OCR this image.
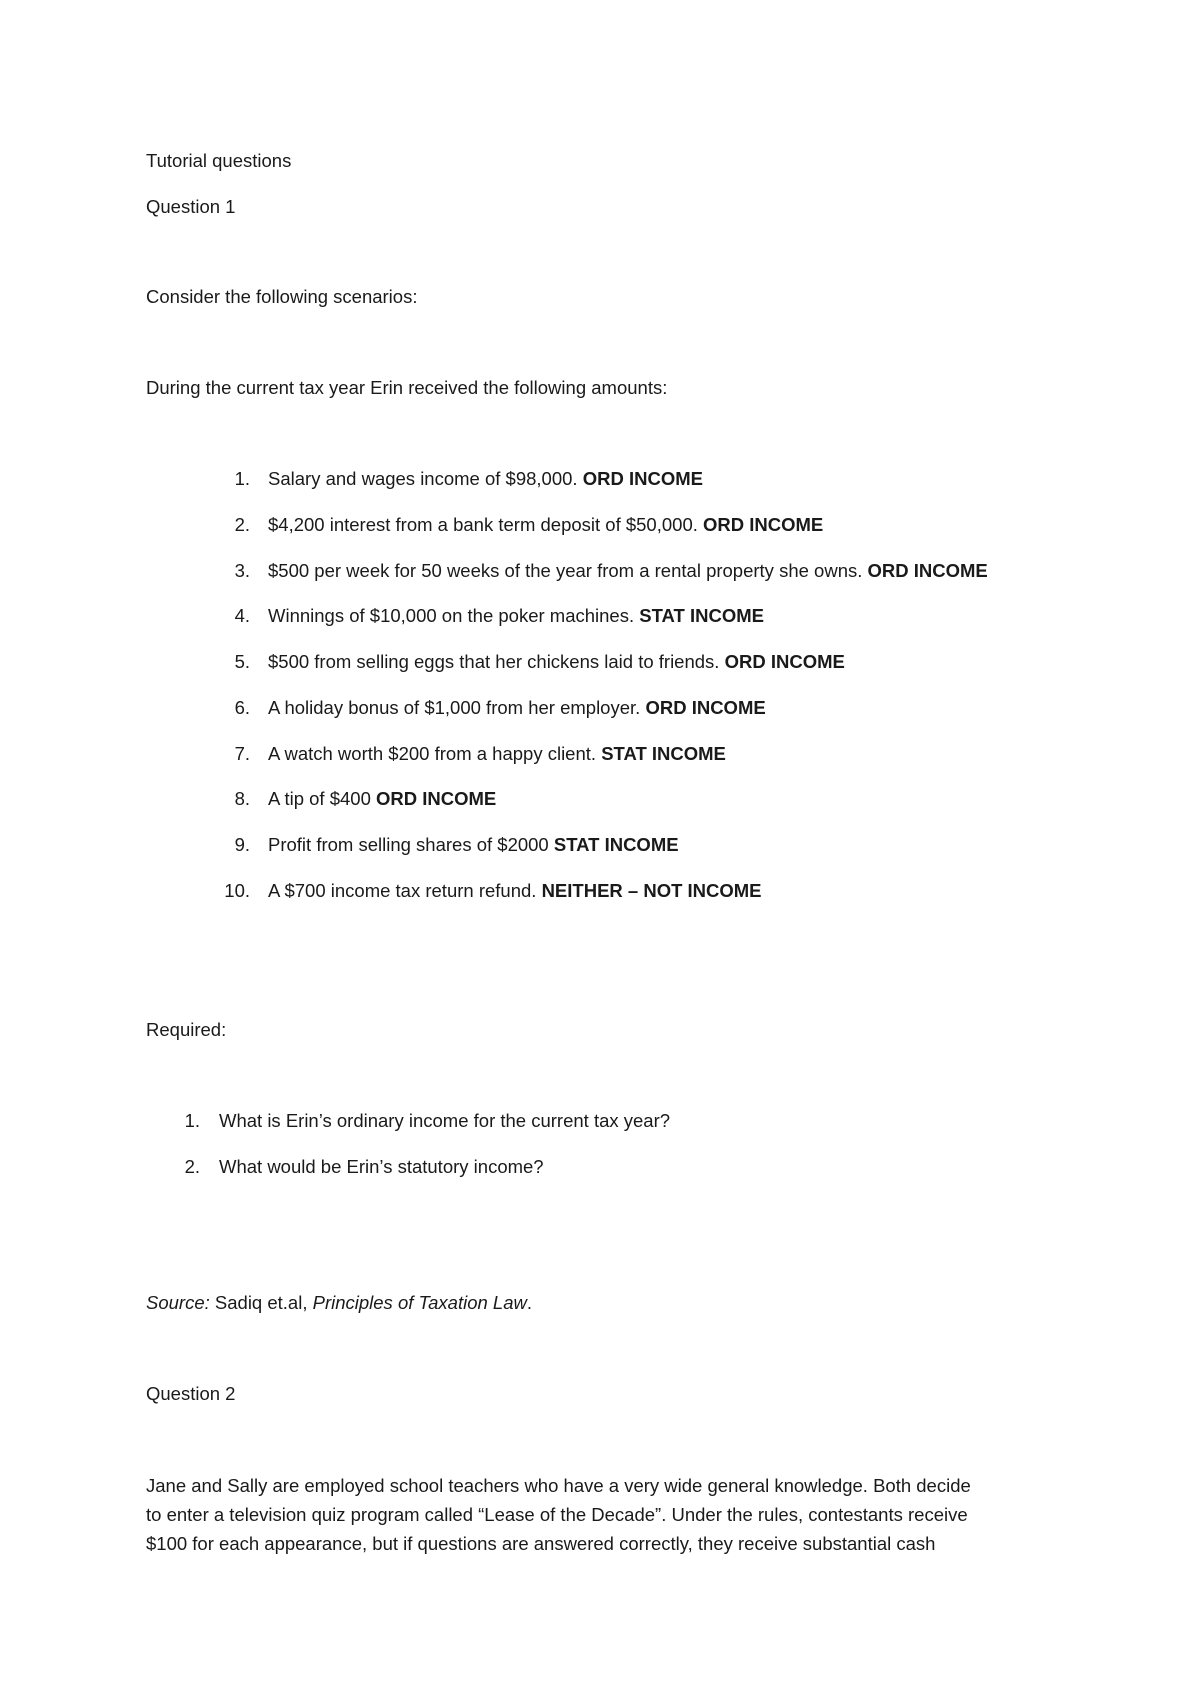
Tutorial questions
Question 1
Consider the following scenarios:
During the current tax year Erin received the following amounts:
1. Salary and wages income of $98,000. ORD INCOME
2. $4,200 interest from a bank term deposit of $50,000. ORD INCOME
3. $500 per week for 50 weeks of the year from a rental property she owns. ORD INCOME
4. Winnings of $10,000 on the poker machines. STAT INCOME
5. $500 from selling eggs that her chickens laid to friends. ORD INCOME
6. A holiday bonus of $1,000 from her employer. ORD INCOME
7. A watch worth $200 from a happy client. STAT INCOME
8. A tip of $400 ORD INCOME
9. Profit from selling shares of $2000 STAT INCOME
10. A $700 income tax return refund. NEITHER – NOT INCOME
Required:
1. What is Erin’s ordinary income for the current tax year?
2. What would be Erin’s statutory income?
Source: Sadiq et.al, Principles of Taxation Law.
Question 2
Jane and Sally are employed school teachers who have a very wide general knowledge. Both decide
to enter a television quiz program called “Lease of the Decade”. Under the rules, contestants receive
$100 for each appearance, but if questions are answered correctly, they receive substantial cash
